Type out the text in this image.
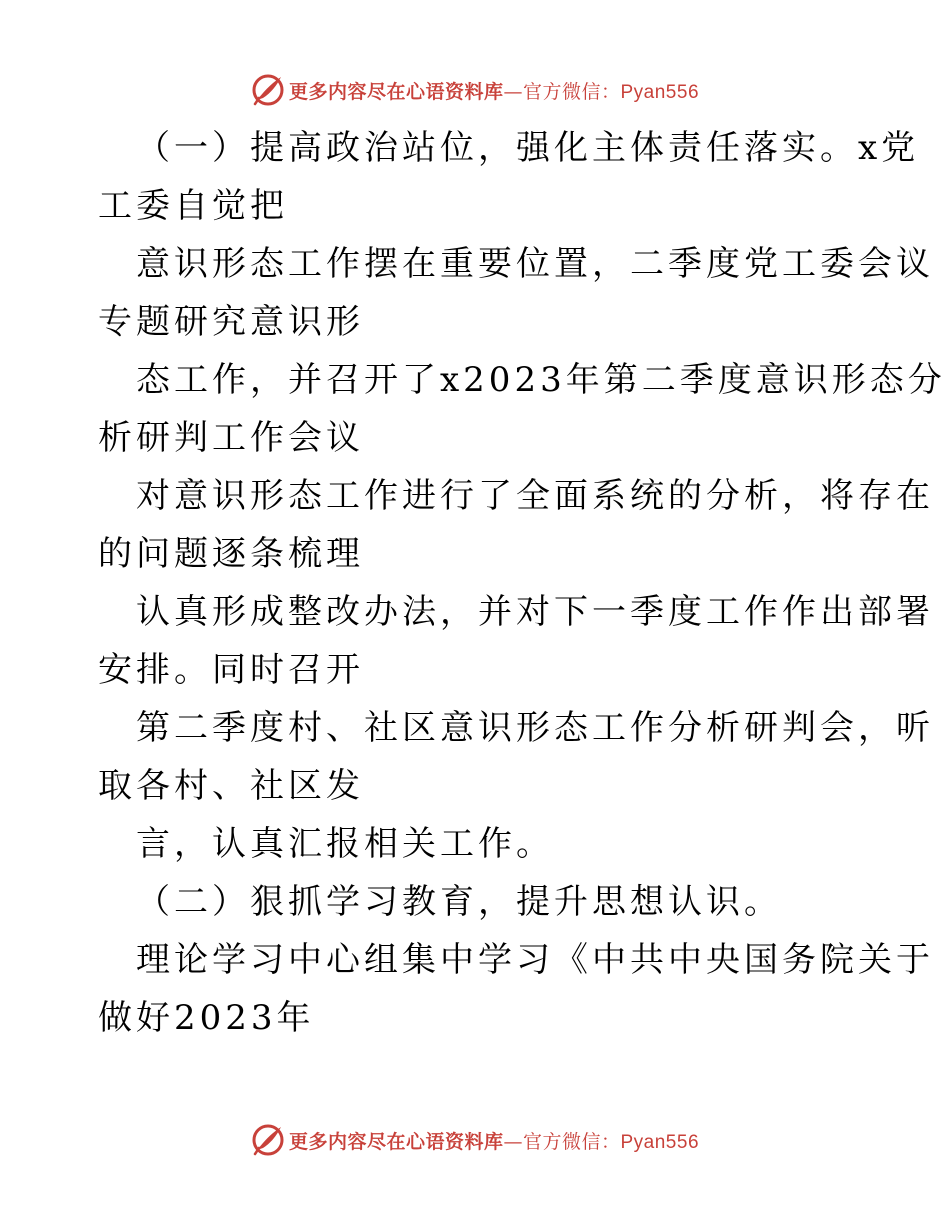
更多内容尽在心语资料库 — 官方微信：Pyan556

（一）提高政治站位，强化主体责任落实。x党

工委自觉把

意识形态工作摆在重要位置，二季度党工委会议

专题研究意识形

态工作，并召开了x2023年第二季度意识形态分

析研判工作会议

对意识形态工作进行了全面系统的分析，将存在

的问题逐条梳理

认真形成整改办法，并对下一季度工作作出部署

安排。同时召开

第二季度村、社区意识形态工作分析研判会，听

取各村、社区发

言，认真汇报相关工作。

（二）狠抓学习教育，提升思想认识。

理论学习中心组集中学习《中共中央国务院关于

做好2023年

更多内容尽在心语资料库 — 官方微信：Pyan556
